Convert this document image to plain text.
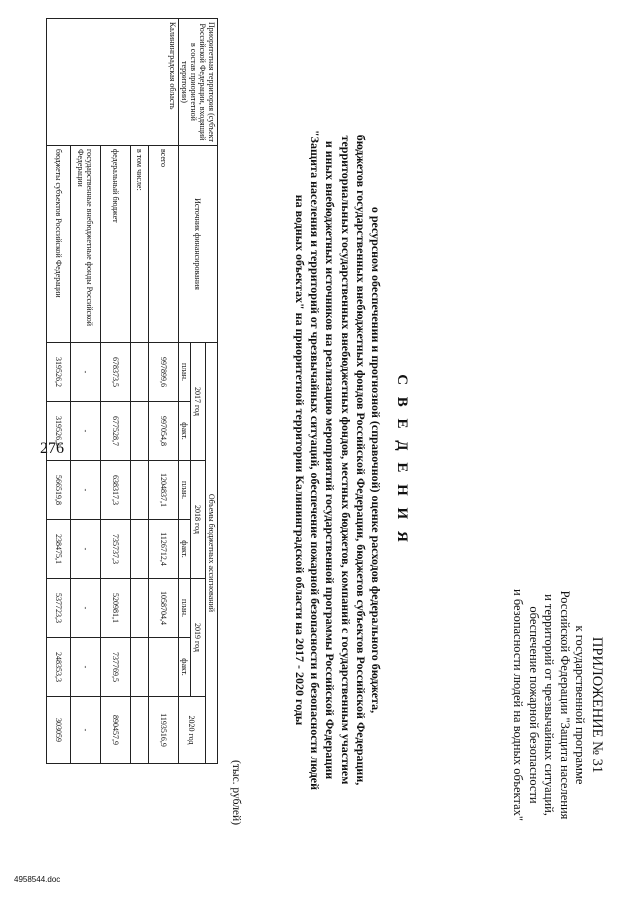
276
4958544.doc
ПРИЛОЖЕНИЕ № 31
к государственной программе
Российской Федерации "Защита населения
и территорий от чрезвычайных ситуаций,
обеспечение пожарной безопасности
и безопасности людей на водных объектах"
С В Е Д Е Н И Я
о ресурсном обеспечении и прогнозной (справочной) оценке расходов федерального бюджета,
бюджетов государственных внебюджетных фондов Российской Федерации, бюджетов субъектов Российской Федерации,
территориальных государственных внебюджетных фондов, местных бюджетов, компаний с государственным участием
и иных внебюджетных источников на реализацию мероприятий государственной программы Российской Федерации
"Защита населения и территорий от чрезвычайных ситуаций, обеспечение пожарной безопасности и безопасности людей
на водных объектах" на приоритетной территории Калининградской области на 2017 - 2020 годы
(тыс. рублей)
Приоритетная территория (субъект Российской Федерации, входящий в состав приоритетной территории)	Источник финансирования	Объемы бюджетных ассигнований						
		2017 год		2018 год		2019 год		2020 год
		план.	факт.	план.	факт.	план.	факт.	
Калининградская область	всего	997899,6	997054,8	1204837,1	1126712,4	1058704,4		1193516,9
	в том числе:							
	федеральный бюджет	678373,5	677528,7	638317,3	735737,3	520981,1	737769,5	890457,9
	государственные внебюджетные фонды Российской Федерации	-	-	-	-	-	-	-
	бюджеты субъектов Российской Федерации	319526,2	319526,2	566519,8	238475,1	537723,3	248353,3	303059
